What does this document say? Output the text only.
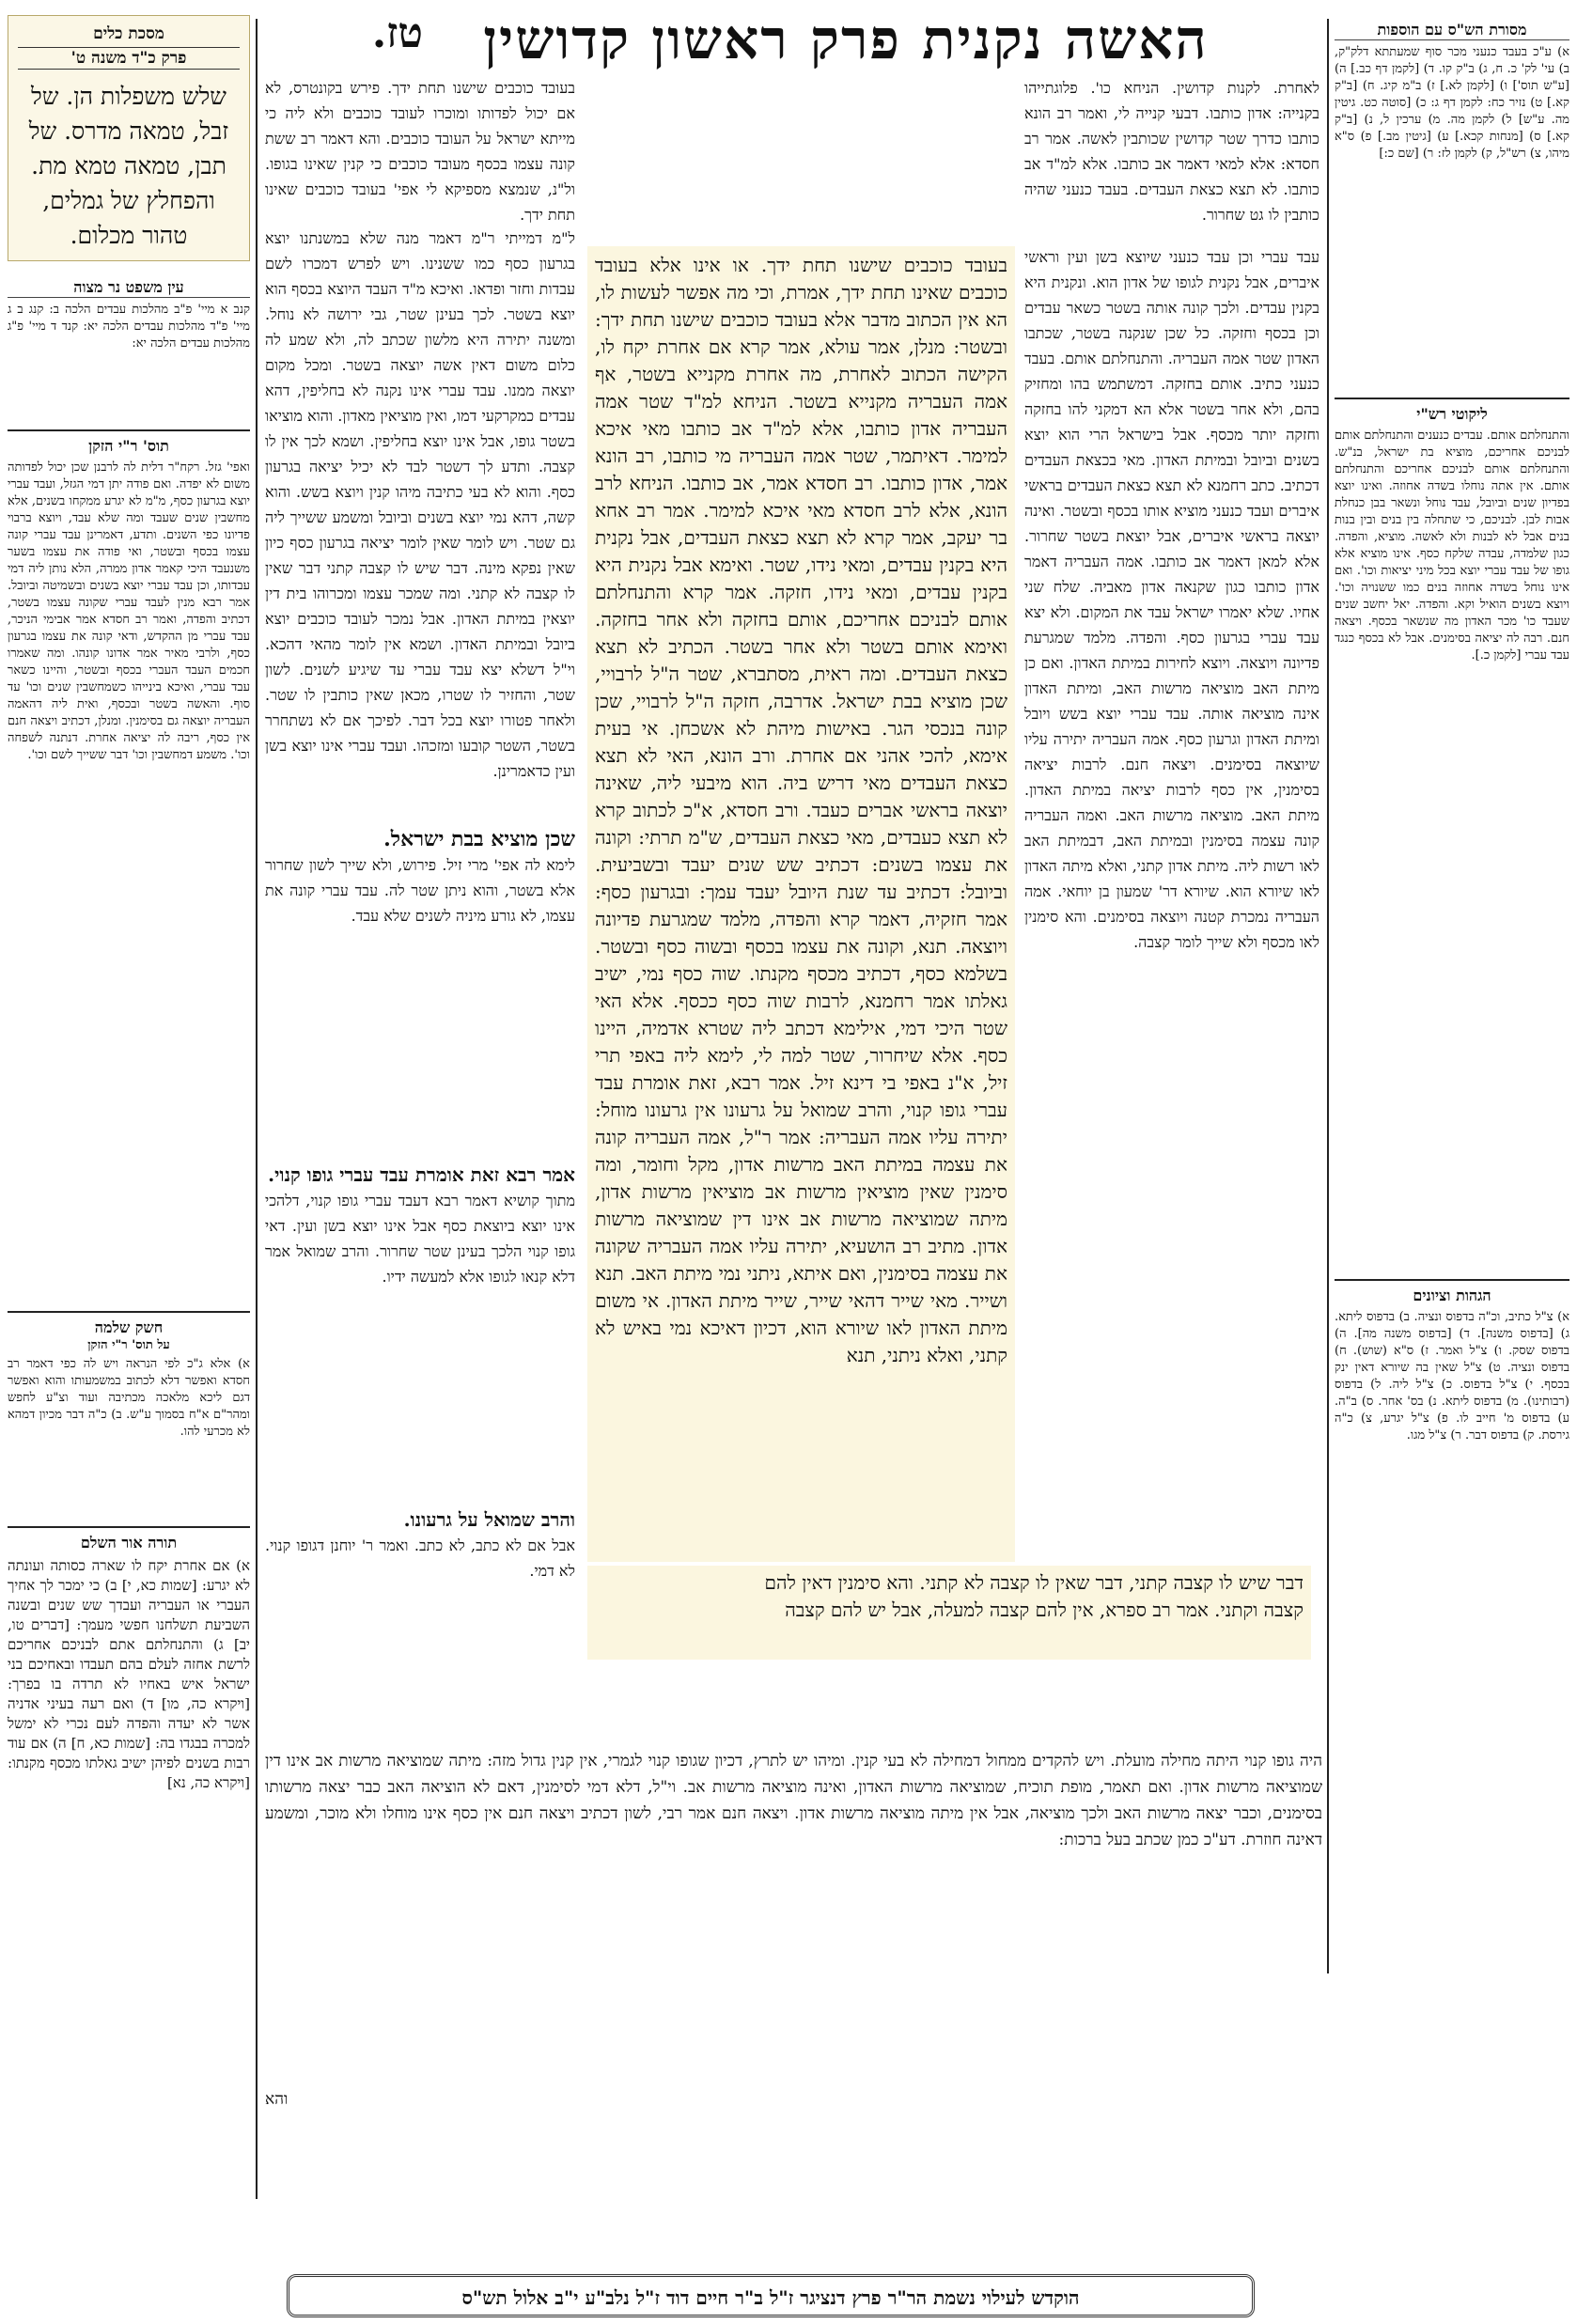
טז.	האשה נקנית פרק ראשון קדושין
מסכת כלים
פרק כ"ד משנה ט'
שלש משפלות הן. של זבל, טמאה מדרס. של תבן, טמאה טמא מת. והפחלץ של גמלים, טהור מכלום.
עין משפט נר מצוה
קנב א מיי' פ"ב מהלכות עבדים הלכה ב: קנג ב ג מיי' פ"ד מהלכות עבדים הלכה יא: קנד ד מיי' פ"ג מהלכות עבדים הלכה יא:
תוס' ר"י הזקן
ואפי' גזל. רקח"ר דלית לה לרבנן שכן יכול לפדותה משום לא יפדה. ואם פודה יתן דמי הגזל, ועבד עברי יוצא בגרעון כסף, מ"מ לא יגרע ממקחו בשנים, אלא מחשבין שנים שעבד ומה שלא עבד, ויוצא ברבוי פדיונו כפי השנים. ותדע, דאמרינן עבד עברי קונה עצמו בכסף ובשטר, ואי פודה את עצמו בשער משנעבד היכי קאמר אדון ממרה, הלא נותן ליה דמי עבדותו, וכן עבד עברי יוצא בשנים ובשמיטה וביובל. אמר רבא מנין לעבד עברי שקונה עצמו בשטר, דכתיב והפדה, ואמר רב חסדא אמר אבימי הניכר, עבד עברי מן ההקדש, ודאי קונה את עצמו בגרעון כסף, ולרבי מאיר אמר אדונו קונהו. ומה שאמרו חכמים העבד העברי בכסף ובשטר, והיינו כשאר עבד עברי, ואיכא בינייהו כשמחשבין שנים וכו' עד סוף. והאשה בשטר ובכסף, ואית ליה דהאמה העבריה יוצאה גם בסימנין. ומנלן, דכתיב ויצאה חנם אין כסף, ריבה לה יציאה אחרת. דנתנה לשפחה וכו'. משמע דמחשבין וכו' דבר ששייך לשם וכו'.
חשק שלמה
על תוס' ר"י הזקן
א) אלא ג"כ לפי הנראה ויש לה כפי דאמר רב חסדא ואפשר דלא לכתוב במשמעותו והוא ואפשר דגם ליכא מלאכה מכתיבה ועוד וצ"ע לחפש ומהר"ם א"ח בסמוך ע"ש. ב) כ"ה דבר מכיון דמהא לא מכרעי להו.
תורה אור השלם
א) אם אחרת יקח לו שארה כסותה ועונתה לא יגרע: [שמות כא, י] ב) כי ימכר לך אחיך העברי או העבריה ועבדך שש שנים ובשנה השביעת תשלחנו חפשי מעמך: [דברים טו, יב] ג) והתנחלתם אתם לבניכם אחריכם לרשת אחזה לעלם בהם תעבדו ובאחיכם בני ישראל איש באחיו לא תרדה בו בפרך: [ויקרא כה, מו] ד) ואם רעה בעיני אדניה אשר לא יעדה והפדה לעם נכרי לא ימשל למכרה בבגדו בה: [שמות כא, ח] ה) אם עוד רבות בשנים לפיהן ישיב גאלתו מכסף מקנתו: [ויקרא כה, נא]
מסורת הש"ס עם הוספות
א) ע"כ בעבד כנעני מכר סוף שמעתתא דלק"ק, ב) עי' לק' כ. ח, ג) ב"ק קו. ד) [לקמן דף כב.] ה) [ע"ש תוס'] ו) [לקמן לא.] ז) ב"מ קיג. ח) [ב"ק קא.] ט) נזיר כח: לקמן דף ג: כ) [סוטה כט. גיטין מה. ע"ש] ל) לקמן מה. מ) ערכין ל, נ) [ב"ק קא.] ס) [מנחות קכא.] ע) [גיטין מב.] פ) ס"א מיהו, צ) רש"ל, ק) לקמן לז: ר) [שם כ:]
ליקוטי רש"י
והתנחלתם אותם. עבדים כנענים והתנחלתם אותם לבניכם אחריכם, מוציא בת ישראל, בנ"ש. והתנחלתם אותם לבניכם אחריכם והתנחלתם אותם. אין אתה נוחלו בשדה אחוזה. ואינו יוצא בפדיון שנים וביובל, עבד נוחל ונשאר בבן כנחלת אבות לבן. לבניכם, כי שתחלה בין בנים ובין בנות בנים אבל לא לבנות ולא לאשה. מוציא, והפדה. כגון שלמדה, עבדה שלקח כסף. אינו מוציא אלא גופו של עבד עברי יוצא בכל מיני יציאות וכו'. ואם אינו נוחל בשדה אחוזה בנים כמו ששנויה וכו'. ויוצא בשנים הואיל וקא. והפדה. יאל יחשב שנים שעבד כו' מכר האדון מה שנשאר בכסף. ויצאה חנם. רבה לה יציאה בסימנים. אבל לא בכסף כנגד עבד עברי [לקמן כ.].
הגהות וציונים
א) צ"ל כתיב, וכ"ה בדפוס ונציה. ב) בדפוס ליתא. ג) [בדפוס משנה]. ד) [בדפוס משנה מה]. ה) בדפוס שסק. ו) צ"ל ואמר. ז) ס"א (שוש). ח) בדפוס ונציה. ט) צ"ל שאין בה שיורא דאין ינק בכסף. י) צ"ל בדפוס. כ) צ"ל ליה. ל) בדפוס (רבותינו). מ) בדפוס ליתא. נ) בס' אחר. ס) ב"ה. ע) בדפוס מ' חייב לו. פ) צ"ל יגרע, צ) כ"ה גירסת. ק) בדפוס דבר. ר) צ"ל מגו.
לאחרת. לקנות קדושין. הניחא כו'. פלוגתייהו בקנייה: אדון כותבו. דבעי קנייה לי, ואמר רב הונא כותבו כדרך שטר קדושין שכותבין לאשה. אמר רב חסדא: אלא למאי דאמר אב כותבו. אלא למ"ד אב כותבו. לא תצא כצאת העבדים. בעבד כנעני שהיה כותבין לו גט שחרור.
עבד עברי וכן עבד כנעני שיוצא בשן ועין וראשי איברים, אבל נקנית לגופו של אדון הוא. ונקנית היא בקנין עבדים. ולכך קונה אותה בשטר כשאר עבדים וכן בכסף וחזקה. כל שכן שנקנה בשטר, שכתבו האדון שטר אמה העבריה. והתנחלתם אותם. בעבד כנעני כתיב. אותם בחזקה. דמשתמש בהו ומחזיק בהם, ולא אחר בשטר אלא הא דמקני להו בחזקה וחזקה יותר מכסף. אבל בישראל הרי הוא יוצא בשנים וביובל ובמיתת האדון. מאי בכצאת העבדים דכתיב. כתב רחמנא לא תצא כצאת העבדים בראשי איברים ועבד כנעני מוציא אותו בכסף ובשטר. ואינה יוצאה בראשי איברים, אבל יוצאת בשטר שחרור. אלא למאן דאמר אב כותבו. אמה העבריה דאמר אדון כותבו כגון שקנאה אדון מאביה. שלח שני אחיו. שלא יאמרו ישראל עבד את המקום. ולא יצא עבד עברי בגרעון כסף. והפדה. מלמד שמגרעת פדיונה ויוצאה. ויוצא לחירות במיתת האדון. ואם כן מיתת האב מוציאה מרשות האב, ומיתת האדון אינה מוציאה אותה. עבד עברי יוצא בשש ויובל ומיתת האדון וגרעון כסף. אמה העבריה יתירה עליו שיוצאה בסימנים. ויצאה חנם. לרבות יציאה בסימנין, אין כסף לרבות יציאה במיתת האדון. מיתת האב. מוציאה מרשות האב. ואמה העבריה קונה עצמה בסימנין ובמיתת האב, דבמיתת האב לאו רשות ליה. מיתת אדון קתני, ואלא מיתה האדון לאו שיורא הוא. שיורא דר' שמעון בן יוחאי. אמה העבריה נמכרת קטנה ויוצאה בסימנים. והא סימנין לאו מכסף ולא שייך לומר קצבה.
בעובד כוכבים שישנו תחת ידך. פירש בקונטרס, לא אם יכול לפדותו ומוכרו לעובד כוכבים ולא ליה כי מייתא ישראל על העובד כוכבים. והא דאמר רב ששת קונה עצמו בכסף מעובד כוכבים כי קנין שאינו בגופו. ול"נ, שנמצא מספיקא לי אפי' בעובד כוכבים שאינו תחת ידך.
ל"מ דמייתי ר"מ דאמר מנה שלא במשנתנו יוצא בגרעון כסף כמו ששנינו. ויש לפרש דמכרו לשם עבדות וחזר ופדאו. ואיכא מ"ד העבד היוצא בכסף הוא יוצא בשטר. לכך בעינן שטר, גבי ירושה לא נוחל. ומשנה יתירה היא מלשון שכתב לה, ולא שמע לה כלום משום דאין אשה יוצאה בשטר. ומכל מקום יוצאה ממנו. עבד עברי אינו נקנה לא בחליפין, דהא עבדים כמקרקעי דמו, ואין מוציאין מאדון. והוא מוציאו בשטר גופו, אבל אינו יוצא בחליפין. ושמא לכך אין לו קצבה. ותדע לך דשטר לבד לא יכיל יציאה בגרעון כסף. והוא לא בעי כתיבה מיהו קנין ויוצא בשש. והוא קשה, דהא נמי יוצא בשנים וביובל ומשמע ששייך ליה גם שטר. ויש לומר שאין לומר יציאה בגרעון כסף כיון שאין נפקא מינה. דבר שיש לו קצבה קתני דבר שאין לו קצבה לא קתני. ומה שמכר עצמו ומכרוהו בית דין יוצאין במיתת האדון. אבל נמכר לעובד כוכבים יוצא ביובל ובמיתת האדון. ושמא אין לומר מהאי דהכא. וי"ל דשלא יצא עבד עברי עד שיגיע לשנים. לשון שטר, והחזיר לו שטרו, מכאן שאין כותבין לו שטר. ולאחר פטורו יוצא בכל דבר. לפיכך אם לא נשתחרר בשטר, השטר קובעו ומזכהו. ועבד עברי אינו יוצא בשן ועין כדאמרינן.
שכן מוציא בבת ישראל.
לימא לה אפי' מרי זיל. פירוש, ולא שייך לשון שחרור אלא בשטר, והוא ניתן שטר לה. עבד עברי קונה את עצמו, לא גורע מיניה לשנים שלא עבד.
אמר רבא זאת אומרת עבד עברי גופו קנוי.
מתוך קושיא דאמר רבא דעבד עברי גופו קנוי, דלהכי אינו יוצא ביוצאת כסף אבל אינו יוצא בשן ועין. דאי גופו קנוי הלכך בעינן שטר שחרור. והרב שמואל אמר דלא קנאו לגופו אלא למעשה ידיו.
והרב שמואל על גרעונו.
אבל אם לא כתב, לא כתב. ואמר ר' יוחנן דגופו קנוי. לא דמי.
בעובד כוכבים שישנו תחת ידך. או אינו אלא בעובד כוכבים שאינו תחת ידך, אמרת, וכי מה אפשר לעשות לו, הא אין הכתוב מדבר אלא בעובד כוכבים שישנו תחת ידך: ובשטר: מנלן, אמר עולא, אמר קרא אם אחרת יקח לו, הקישה הכתוב לאחרת, מה אחרת מקנייא בשטר, אף אמה העבריה מקנייא בשטר. הניחא למ"ד שטר אמה העבריה אדון כותבו, אלא למ"ד אב כותבו מאי איכא למימר. דאיתמר, שטר אמה העבריה מי כותבו, רב הונא אמר, אדון כותבו. רב חסדא אמר, אב כותבו. הניחא לרב הונא, אלא לרב חסדא מאי איכא למימר. אמר רב אחא בר יעקב, אמר קרא לא תצא כצאת העבדים, אבל נקנית היא בקנין עבדים, ומאי נידו, שטר. ואימא אבל נקנית היא בקנין עבדים, ומאי נידו, חזקה. אמר קרא והתנחלתם אותם לבניכם אחריכם, אותם בחזקה ולא אחר בחזקה. ואימא אותם בשטר ולא אחר בשטר. הכתיב לא תצא כצאת העבדים. ומה ראית, מסתברא, שטר ה"ל לרבויי, שכן מוציא בבת ישראל. אדרבה, חזקה ה"ל לרבויי, שכן קונה בנכסי הגר. באישות מיהת לא אשכחן. אי בעית אימא, להכי אהני אם אחרת. ורב הונא, האי לא תצא כצאת העבדים מאי דריש ביה. הוא מיבעי ליה, שאינה יוצאה בראשי אברים כעבד. ורב חסדא, א"כ לכתוב קרא לא תצא כעבדים, מאי כצאת העבדים, ש"מ תרתי: וקונה את עצמו בשנים: דכתיב שש שנים יעבד ובשביעית. וביובל: דכתיב עד שנת היובל יעבד עמך: ובגרעון כסף: אמר חזקיה, דאמר קרא והפדה, מלמד שמגרעת פדיונה ויוצאה. תנא, וקונה את עצמו בכסף ובשוה כסף ובשטר. בשלמא כסף, דכתיב מכסף מקנתו. שוה כסף נמי, ישיב גאלתו אמר רחמנא, לרבות שוה כסף ככסף. אלא האי שטר היכי דמי, אילימא דכתב ליה שטרא אדמיה, היינו כסף. אלא שיחרור, שטר למה לי, לימא ליה באפי תרי זיל, א"נ באפי בי דינא זיל. אמר רבא, זאת אומרת עבד עברי גופו קנוי, והרב שמואל על גרעונו אין גרעונו מוחל: יתירה עליו אמה העבריה: אמר ר"ל, אמה העבריה קונה את עצמה במיתת האב מרשות אדון, מקל וחומר, ומה סימנין שאין מוציאין מרשות אב מוציאין מרשות אדון, מיתה שמוציאה מרשות אב אינו דין שמוציאה מרשות אדון. מתיב רב הושעיא, יתירה עליו אמה העבריה שקונה את עצמה בסימנין, ואם איתא, ניתני נמי מיתת האב. תנא ושייר. מאי שייר דהאי שייר, שייר מיתת האדון. אי משום מיתת האדון לאו שיורא הוא, דכיון דאיכא נמי באיש לא קתני, ואלא ניתני, תנא
דבר שיש לו קצבה קתני, דבר שאין לו קצבה לא קתני. והא סימנין דאין להם
קצבה וקתני. אמר רב ספרא, אין להם קצבה למעלה, אבל יש להם קצבה
היה גופו קנוי היתה מחילה מועלת. ויש להקדים ממחול דמחילה לא בעי קנין. ומיהו יש לתרץ, דכיון שגופו קנוי לגמרי, אין קנין גדול מזה: מיתה שמוציאה מרשות אב אינו דין שמוציאה מרשות אדון. ואם תאמר, מופת תוכיח, שמוציאה מרשות האדון, ואינה מוציאה מרשות אב. וי"ל, דלא דמי לסימנין, דאם לא הוציאה האב כבר יצאה מרשותו בסימנים, וכבר יצאה מרשות האב ולכך מוציאה, אבל אין מיתה מוציאה מרשות אדון. ויצאה חנם אמר רבי, לשון דכתיב ויצאה חנם אין כסף אינו מוחלו ולא מוכר, ומשמע דאינה חוזרת. דע"כ כמן שכתב בעל ברכות:
והא
הוקדש לעילוי נשמת הר"ר פרץ דנציגר ז"ל ב"ר חיים דוד ז"ל נלב"ע י"ב אלול תש"ס
